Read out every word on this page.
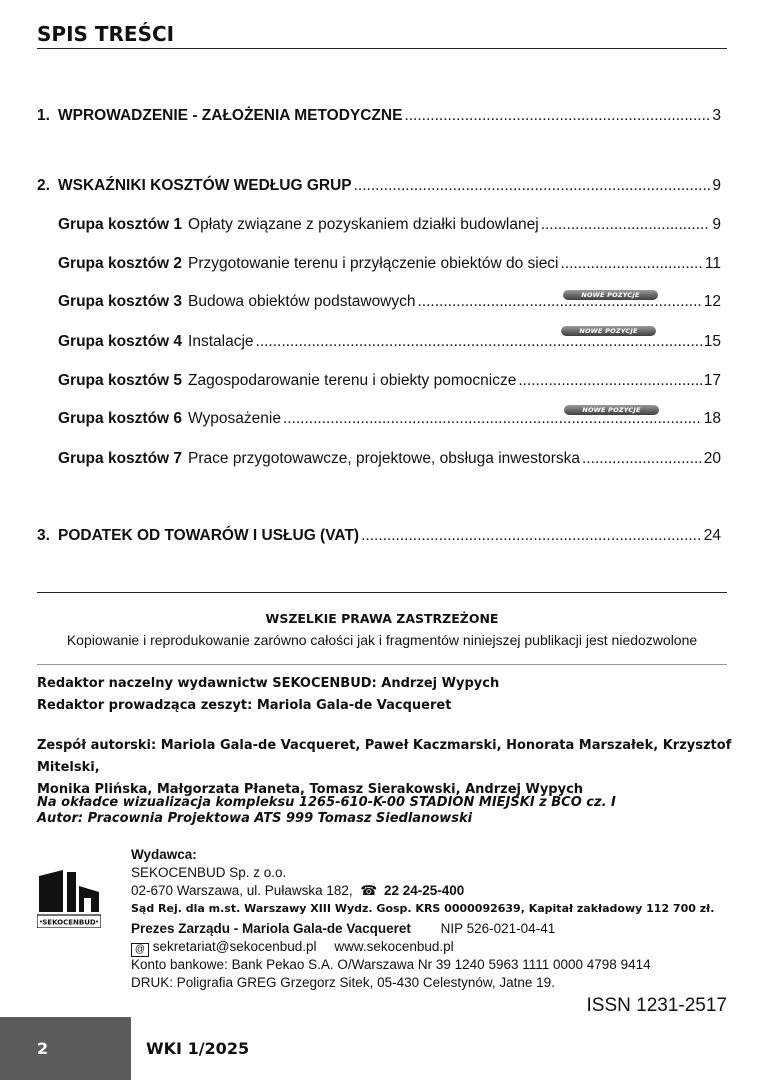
SPIS TREŚCI
1. WPROWADZENIE - ZAŁOŻENIA METODYCZNE .....	3
2. WSKAŹNIKI KOSZTÓW WEDŁUG GRUP .....	9
Grupa kosztów 1 Opłaty związane z pozyskaniem działki budowlanej .....	9
Grupa kosztów 2 Przygotowanie terenu i przyłączenie obiektów do sieci .....	11
Grupa kosztów 3 Budowa obiektów podstawowych .....	12
Grupa kosztów 4 Instalacje .....	15
Grupa kosztów 5 Zagospodarowanie terenu i obiekty pomocnicze .....	17
Grupa kosztów 6 Wyposażenie .....	18
Grupa kosztów 7 Prace przygotowawcze, projektowe, obsługa inwestorska .....	20
NOWE POZYCJE
NOWE POZYCJE
NOWE POZYCJE
3. PODATEK OD TOWARÓW I USŁUG (VAT) .....	24
WSZELKIE PRAWA ZASTRZEŻONE
Kopiowanie i reprodukowanie zarówno całości jak i fragmentów niniejszej publikacji jest niedozwolone
Redaktor naczelny wydawnictw SEKOCENBUD: Andrzej Wypych
Redaktor prowadząca zeszyt: Mariola Gala-de Vacqueret
Zespół autorski: Mariola Gala-de Vacqueret, Paweł Kaczmarski, Honorata Marszałek, Krzysztof Mitelski,
Monika Plińska, Małgorzata Płaneta, Tomasz Sierakowski, Andrzej Wypych
Na okładce wizualizacja kompleksu 1265-610-K-00 STADION MIEJSKI z BCO cz. I
Autor: Pracownia Projektowa ATS 999 Tomasz Siedlanowski
SEKOCENBUD
Wydawca:
SEKOCENBUD Sp. z o.o.
02-670 Warszawa, ul. Puławska 182, ☎ 22 24-25-400
Sąd Rej. dla m.st. Warszawy XIII Wydz. Gosp. KRS 0000092639, Kapitał zakładowy 112 700 zł.
Prezes Zarządu - Mariola Gala-de Vacqueret NIP 526-021-04-41
@ sekretariat@sekocenbud.pl www.sekocenbud.pl
Konto bankowe: Bank Pekao S.A. O/Warszawa Nr 39 1240 5963 1111 0000 4798 9414
DRUK: Poligrafia GREG Grzegorz Sitek, 05-430 Celestynów, Jatne 19.
ISSN 1231-2517
2	WKI 1/2025
